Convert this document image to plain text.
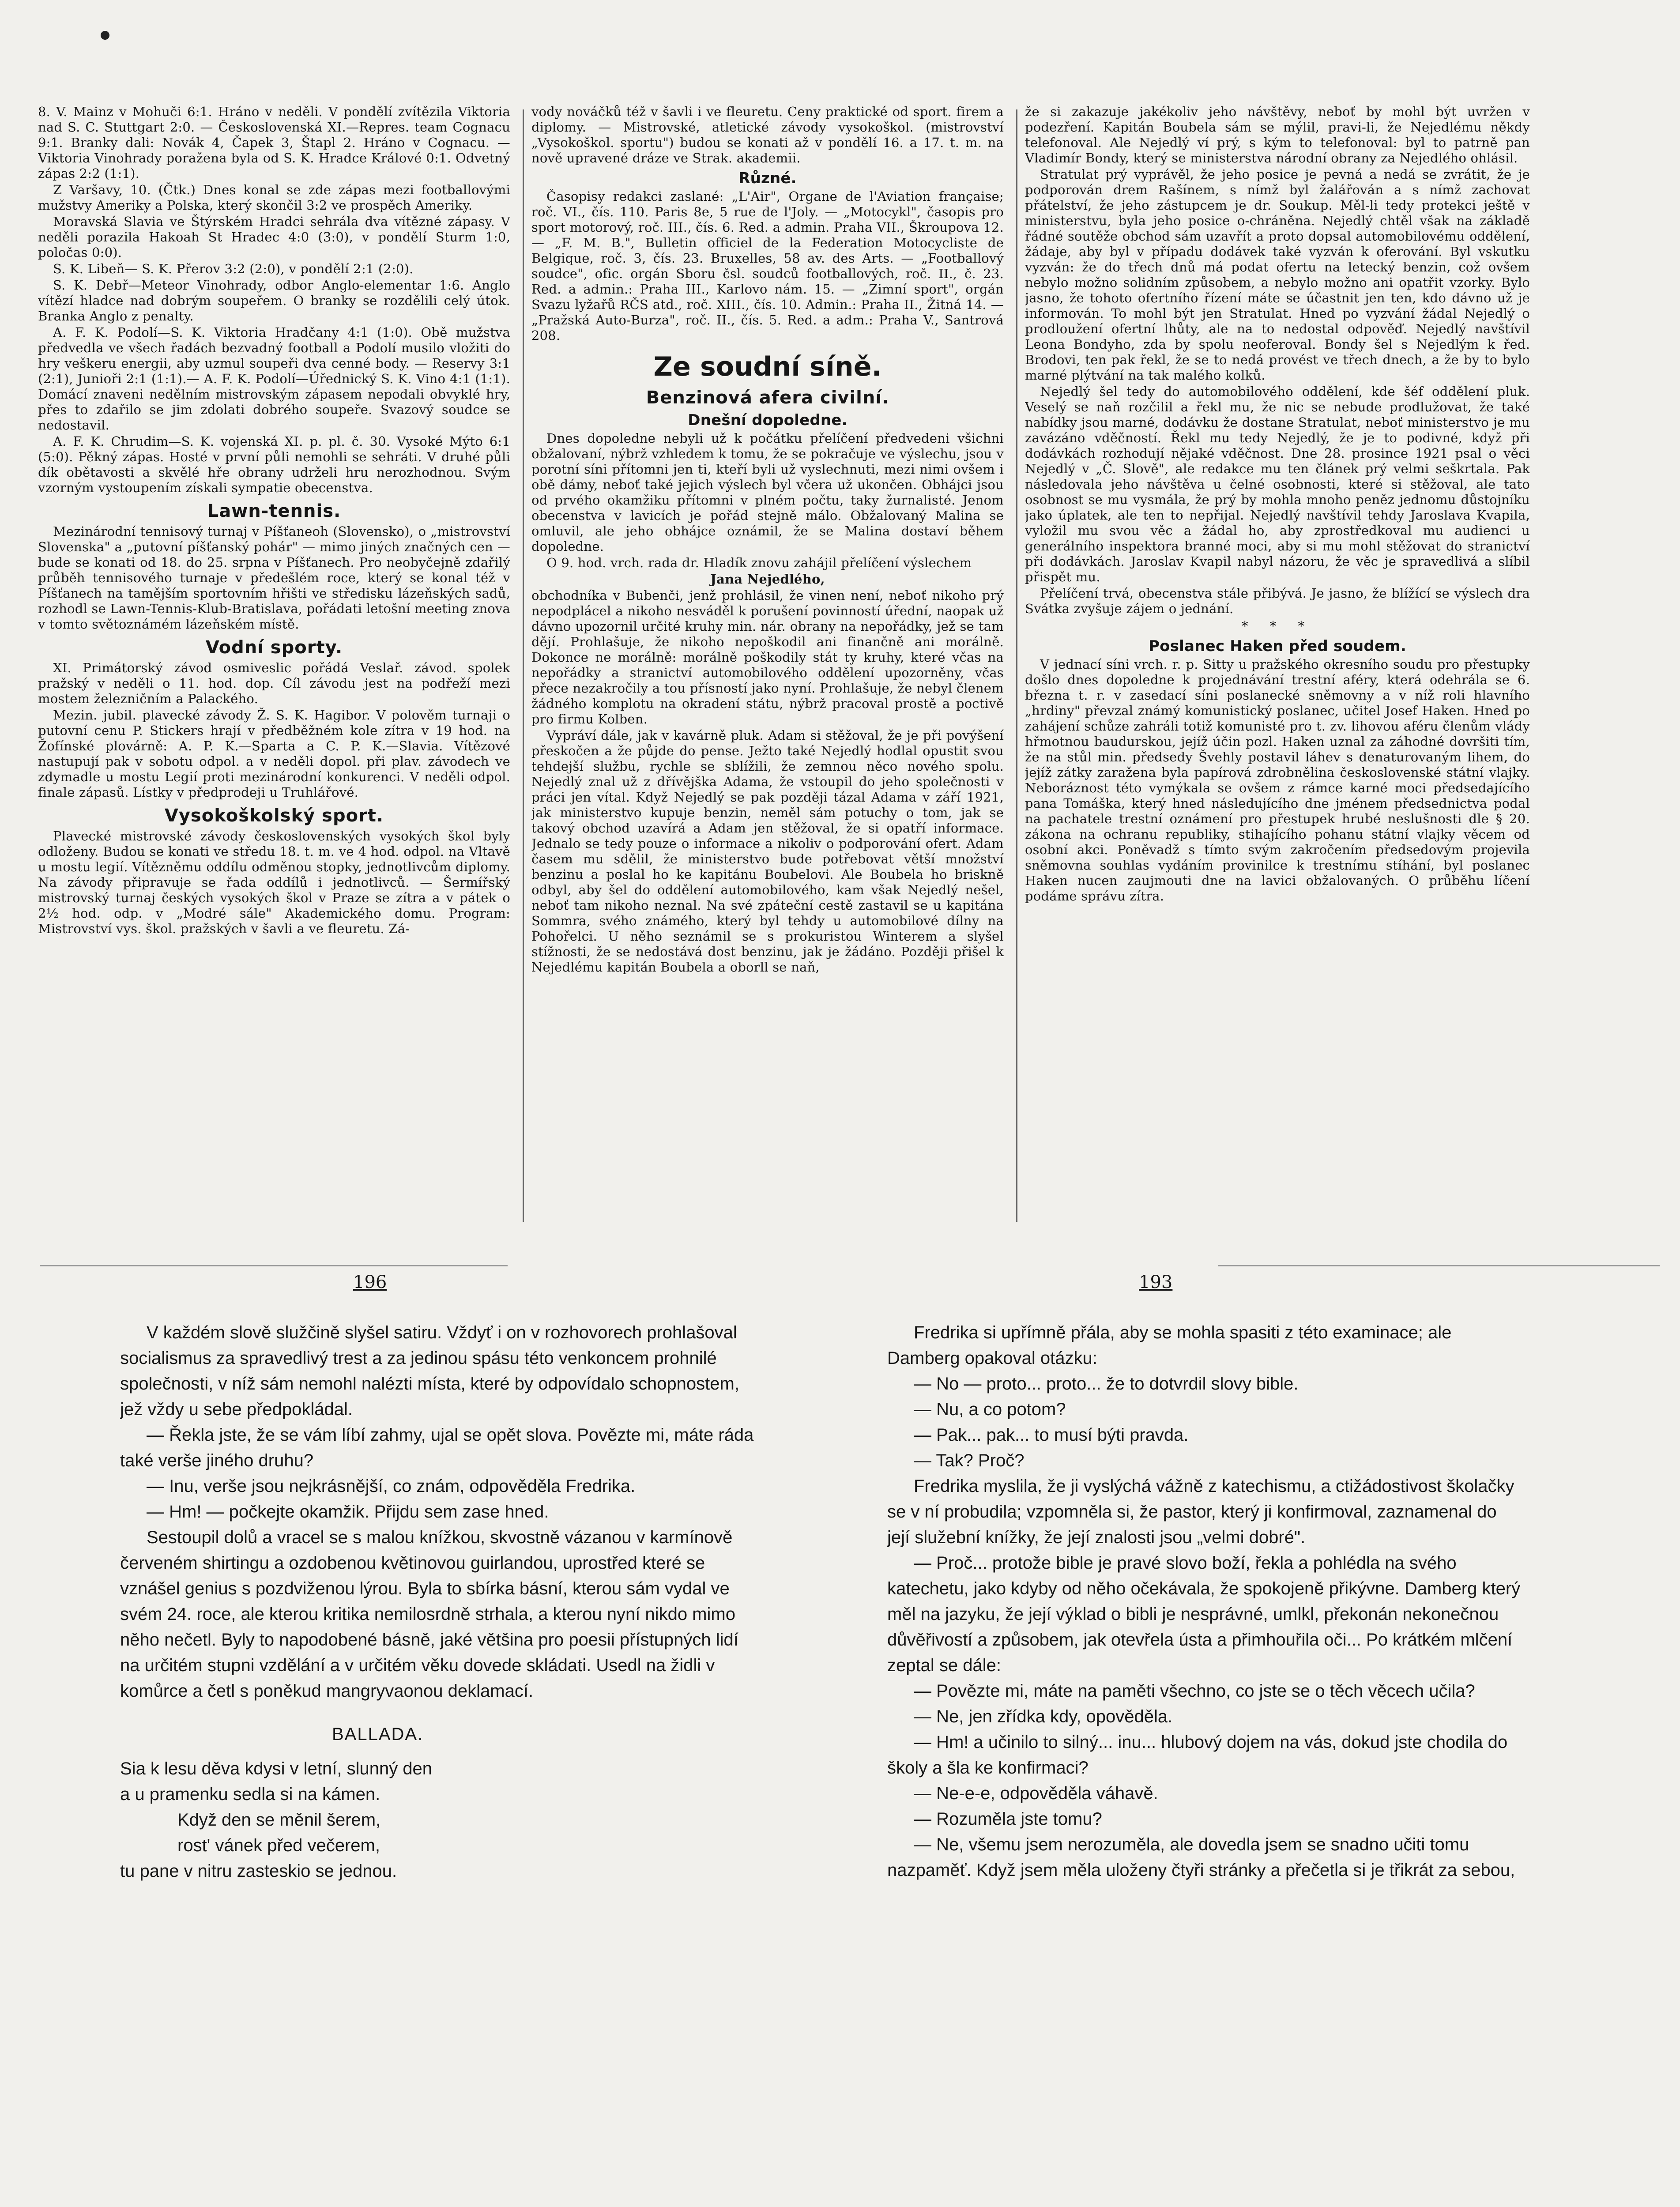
8. V. Mainz v Mohuči 6:1. Hráno v neděli. V pondělí zvítězila Viktoria nad S. C. Stuttgart 2:0. — Československá XI.—Repres. team Cognacu 9:1. Branky dali: Novák 4, Čapek 3, Štapl 2. Hráno v Cognacu. — Viktoria Vinohrady poražena byla od S. K. Hradce Králové 0:1. Odvetný zápas 2:2 (1:1).

Z Varšavy, 10. (Čtk.) Dnes konal se zde zápas mezi footballovými mužstvy Ameriky a Polska, který skončil 3:2 ve prospěch Ameriky.

Moravská Slavia ve Štýrském Hradci sehrála dva vítězné zápasy. V neděli porazila Hakoah St Hradec 4:0 (3:0), v pondělí Sturm 1:0, poločas 0:0).

S. K. Libeň— S. K. Přerov 3:2 (2:0), v pondělí 2:1 (2:0).

S. K. Debř—Meteor Vinohrady, odbor Anglo-elementar 1:6. Anglo vítězí hladce nad dobrým soupeřem. O branky se rozdělili celý útok. Branka Anglo z penalty.

A. F. K. Podolí—S. K. Viktoria Hradčany 4:1 (1:0). Obě mužstva předvedla ve všech řadách bezvadný football a Podolí musilo vložiti do hry veškeru energii, aby uzmul soupeři dva cenné body. — Reservy 3:1 (2:1), Junioři 2:1 (1:1).— A. F. K. Podolí—Úřednický S. K. Vino 4:1 (1:1). Domácí znaveni nedělním mistrovským zápasem nepodali obvyklé hry, přes to zdařilo se jim zdolati dobrého soupeře. Svazový soudce se nedostavil.

A. F. K. Chrudim—S. K. vojenská XI. p. pl. č. 30. Vysoké Mýto 6:1 (5:0). Pěkný zápas. Hosté v první půli nemohli se sehráti. V druhé půli dík obětavosti a skvělé hře obrany udrželi hru nerozhodnou. Svým vzorným vystoupením získali sympatie obecenstva.

Lawn-tennis.

Mezinárodní tennisový turnaj v Píšťaneoh (Slovensko), o „mistrovství Slovenska" a „putovní píšťanský pohár" — mimo jiných značných cen — bude se konati od 18. do 25. srpna v Píšťanech. Pro neobyčejně zdařilý průběh tennisového turnaje v předešlém roce, který se konal též v Píšťanech na tamějším sportovním hřišti ve středisku lázeňských sadů, rozhodl se Lawn-Tennis-Klub-Bratislava, pořádati letošní meeting znova v tomto světoznámém lázeňském místě.

Vodní sporty.

XI. Primátorský závod osmiveslic pořádá Veslař. závod. spolek pražský v neděli o 11. hod. dop. Cíl závodu jest na podřeží mezi mostem železničním a Palackého.

Mezin. jubil. plavecké závody Ž. S. K. Hagibor. V polověm turnaji o putovní cenu P. Stickers hrají v předběžném kole zítra v 19 hod. na Žofínské plovárně: A. P. K.—Sparta a C. P. K.—Slavia. Vítězové nastupují pak v sobotu odpol. a v neděli dopol. při plav. závodech ve zdymadle u mostu Legií proti mezinárodní konkurenci. V neděli odpol. finale zápasů. Lístky v předprodeji u Truhlářové.

Vysokoškolský sport.

Plavecké mistrovské závody československých vysokých škol byly odloženy. Budou se konati ve středu 18. t. m. ve 4 hod. odpol. na Vltavě u mostu legií. Vítězněmu oddílu odměnou stopky, jednotlivcům diplomy. Na závody připravuje se řada oddílů i jednotlivců. — Šermířský mistrovský turnaj českých vysokých škol v Praze se zítra a v pátek o 2½ hod. odp. v „Modré sále" Akademického domu. Program: Mistrovství vys. škol. pražských v šavli a ve fleuretu. Zá-

vody nováčků též v šavli i ve fleuretu. Ceny praktické od sport. firem a diplomy. — Mistrovské, atletické závody vysokoškol. (mistrovství „Vysokoškol. sportu") budou se konati až v pondělí 16. a 17. t. m. na nově upravené dráze ve Strak. akademii.

Různé.

Časopisy redakci zaslané: „L'Air", Organe de l'Aviation française; roč. VI., čís. 110. Paris 8e, 5 rue de l'Joly. — „Motocykl", časopis pro sport motorový, roč. III., čís. 6. Red. a admin. Praha VII., Škroupova 12. — „F. M. B.", Bulletin officiel de la Federation Motocycliste de Belgique, roč. 3, čís. 23. Bruxelles, 58 av. des Arts. — „Footballový soudce", ofic. orgán Sboru čsl. soudců footballových, roč. II., č. 23. Red. a admin.: Praha III., Karlovo nám. 15. — „Zimní sport", orgán Svazu lyžařů RČS atd., roč. XIII., čís. 10. Admin.: Praha II., Žitná 14. — „Pražská Auto-Burza", roč. II., čís. 5. Red. a adm.: Praha V., Santrová 208.

Ze soudní síně.
Benzinová afera civilní.
Dnešní dopoledne.

Dnes dopoledne nebyli už k počátku přelíčení předvedeni všichni obžalovaní, nýbrž vzhledem k tomu, že se pokračuje ve výslechu, jsou v porotní síni přítomni jen ti, kteří byli už vyslechnuti, mezi nimi ovšem i obě dámy, neboť také jejich výslech byl včera už ukončen. Obhájci jsou od prvého okamžiku přítomni v plném počtu, taky žurnalisté. Jenom obecenstva v lavicích je pořád stejně málo. Obžalovaný Malina se omluvil, ale jeho obhájce oznámil, že se Malina dostaví během dopoledne.

O 9. hod. vrch. rada dr. Hladík znovu zahájil přelíčení výslechem

Jana Nejedlého,

obchodníka v Bubenči, jenž prohlásil, že vinen není, neboť nikoho prý nepodplácel a nikoho nesváděl k porušení povinností úřední, naopak už dávno upozornil určité kruhy min. nár. obrany na nepořádky, jež se tam dějí. Prohlašuje, že nikoho nepoškodil ani finančně ani morálně. Dokonce ne morálně: morálně poškodily stát ty kruhy, které včas na nepořádky a stranictví automobilového oddělení upozorněny, včas přece nezakročily a tou přísností jako nyní. Prohlašuje, že nebyl členem žádného komplotu na okradení státu, nýbrž pracoval prostě a poctivě pro firmu Kolben.

Vypráví dále, jak v kavárně pluk. Adam si stěžoval, že je při povýšení přeskočen a že půjde do pense. Ježto také Nejedlý hodlal opustit svou tehdejší službu, rychle se sblížili, že zemnou něco nového spolu. Nejedlý znal už z dřívějška Adama, že vstoupil do jeho společnosti v práci jen vítal. Když Nejedlý se pak později tázal Adama v září 1921, jak ministerstvo kupuje benzin, neměl sám potuchy o tom, jak se takový obchod uzavírá a Adam jen stěžoval, že si opatří informace. Jednalo se tedy pouze o informace a nikoliv o podporování ofert. Adam časem mu sdělil, že ministerstvo bude potřebovat větší množství benzinu a poslal ho ke kapitánu Boubelovi. Ale Boubela ho briskně odbyl, aby šel do oddělení automobilového, kam však Nejedlý nešel, neboť tam nikoho neznal. Na své zpáteční cestě zastavil se u kapitána Sommra, svého známého, který byl tehdy u automobilové dílny na Pohořelci. U něho seznámil se s prokuristou Winterem a slyšel stížnosti, že se nedostává dost benzinu, jak je žádáno. Později přišel k Nejedlému kapitán Boubela a oborll se naň,

že si zakazuje jakékoliv jeho návštěvy, neboť by mohl být uvržen v podezření. Kapitán Boubela sám se mýlil, pravi-li, že Nejedlému někdy telefonoval. Ale Nejedlý ví prý, s kým to telefonoval: byl to patrně pan Vladimír Bondy, který se ministerstva národní obrany za Nejedlého ohlásil.

Stratulat prý vyprávěl, že jeho posice je pevná a nedá se zvrátit, že je podporován drem Rašínem, s nímž byl žalářován a s nímž zachovat přátelství, že jeho zástupcem je dr. Soukup. Měl-li tedy protekci ještě v ministerstvu, byla jeho posice o-chráněna. Nejedlý chtěl však na základě řádné soutěže obchod sám uzavřít a proto dopsal automobilovému oddělení, žádaje, aby byl v případu dodávek také vyzván k oferování. Byl vskutku vyzván: že do třech dnů má podat ofertu na letecký benzin, což ovšem nebylo možno solidním způsobem, a nebylo možno ani opatřit vzorky. Bylo jasno, že tohoto ofertního řízení máte se účastnit jen ten, kdo dávno už je informován. To mohl být jen Stratulat. Hned po vyzvání žádal Nejedlý o prodloužení ofertní lhůty, ale na to nedostal odpověď. Nejedlý navštívil Leona Bondyho, zda by spolu neoferoval. Bondy šel s Nejedlým k řed. Brodovi, ten pak řekl, že se to nedá provést ve třech dnech, a že by to bylo marné plýtvání na tak malého kolků.

Nejedlý šel tedy do automobilového oddělení, kde šéf oddělení pluk. Veselý se naň rozčilil a řekl mu, že nic se nebude prodlužovat, že také nabídky jsou marné, dodávku že dostane Stratulat, neboť ministerstvo je mu zavázáno vděčností. Řekl mu tedy Nejedlý, že je to podivné, když při dodávkách rozhodují nějaké vděčnost. Dne 28. prosince 1921 psal o věci Nejedlý v „Č. Slově", ale redakce mu ten článek prý velmi seškrtala. Pak následovala jeho návštěva u čelné osobnosti, které si stěžoval, ale tato osobnost se mu vysmála, že prý by mohla mnoho peněz jednomu důstojníku jako úplatek, ale ten to nepřijal. Nejedlý navštívil tehdy Jaroslava Kvapila, vyložil mu svou věc a žádal ho, aby zprostředkoval mu audienci u generálního inspektora branné moci, aby si mu mohl stěžovat do stranictví při dodávkách. Jaroslav Kvapil nabyl názoru, že věc je spravedlivá a slíbil přispět mu.

Přelíčení trvá, obecenstva stále přibývá. Je jasno, že blížící se výslech dra Svátka zvyšuje zájem o jednání.

* * *

Poslanec Haken před soudem.

V jednací síni vrch. r. p. Sitty u pražského okresního soudu pro přestupky došlo dnes dopoledne k projednávání trestní aféry, která odehrála se 6. března t. r. v zasedací síni poslanecké sněmovny a v níž roli hlavního „hrdiny" převzal známý komunistický poslanec, učitel Josef Haken. Hned po zahájení schůze zahráli totiž komunisté pro t. zv. lihovou aféru členům vlády hřmotnou baudurskou, jejíž účin pozl. Haken uznal za záhodné dovršiti tím, že na stůl min. předsedy Švehly postavil láhev s denaturovaným lihem, do jejíž zátky zaražena byla papírová zdrobnělina československé státní vlajky. Neboráznost této vymýkala se ovšem z rámce karné moci předsedajícího pana Tomáška, který hned následujícího dne jménem předsednictva podal na pachatele trestní oznámení pro přestupek hrubé neslušnosti dle § 20. zákona na ochranu republiky, stihajícího pohanu státní vlajky věcem od osobní akci. Poněvadž s tímto svým zakročením předsedovým projevila sněmovna souhlas vydáním provinilce k trestnímu stíhání, byl poslanec Haken nucen zaujmouti dne na lavici obžalovaných. O průběhu líčení podáme správu zítra.

196	193

V každém slově služčině slyšel satiru. Vždyť i on v rozhovorech prohlašoval socialismus za spravedlivý trest a za jedinou spásu této venkoncem prohnilé společnosti, v níž sám nemohl nalézti místa, které by odpovídalo schopnostem, jež vždy u sebe předpokládal.

— Řekla jste, že se vám líbí zahmy, ujal se opět slova. Povězte mi, máte ráda také verše jiného druhu?

— Inu, verše jsou nejkrásnější, co znám, odpověděla Fredrika.

— Hm! — počkejte okamžik. Přijdu sem zase hned.

Sestoupil dolů a vracel se s malou knížkou, skvostně vázanou v karmínově červeném shirtingu a ozdobenou květinovou guirlandou, uprostřed které se vznášel genius s pozdviženou lýrou. Byla to sbírka básní, kterou sám vydal ve svém 24. roce, ale kterou kritika nemilosrdně strhala, a kterou nyní nikdo mimo něho nečetl. Byly to napodobené básně, jaké většina pro poesii přístupných lidí na určitém stupni vzdělání a v určitém věku dovede skládati. Usedl na židli v komůrce a četl s poněkud mangryvaonou deklamací.

BALLADA.
Sia k lesu děva kdysi v letní, slunný den
a u pramenku sedla si na kámen.
Když den se měnil šerem,
rost' vánek před večerem,
tu pane v nitru zasteskio se jednou.

Fredrika si upřímně přála, aby se mohla spasiti z této examinace; ale Damberg opakoval otázku:

— No — proto... proto... že to dotvrdil slovy bible.

— Nu, a co potom?

— Pak... pak... to musí býti pravda.

— Tak? Proč?

Fredrika myslila, že ji vyslýchá vážně z katechismu, a ctižádostivost školačky se v ní probudila; vzpomněla si, že pastor, který ji konfirmoval, zaznamenal do její služební knížky, že její znalosti jsou „velmi dobré".

— Proč... protože bible je pravé slovo boží, řekla a pohlédla na svého katechetu, jako kdyby od něho očekávala, že spokojeně přikývne. Damberg který měl na jazyku, že její výklad o bibli je nesprávné, umlkl, překonán nekonečnou důvěřivostí a způsobem, jak otevřela ústa a přimhouřila oči... Po krátkém mlčení zeptal se dále:

— Povězte mi, máte na paměti všechno, co jste se o těch věcech učila?

— Ne, jen zřídka kdy, opověděla.

— Hm! a učinilo to silný... inu... hlubový dojem na vás, dokud jste chodila do školy a šla ke konfirmaci?

— Ne-e-e, odpověděla váhavě.

— Rozuměla jste tomu?

— Ne, všemu jsem nerozuměla, ale dovedla jsem se snadno učiti tomu nazpaměť. Když jsem měla uloženy čtyři stránky a přečetla si je třikrát za sebou,
